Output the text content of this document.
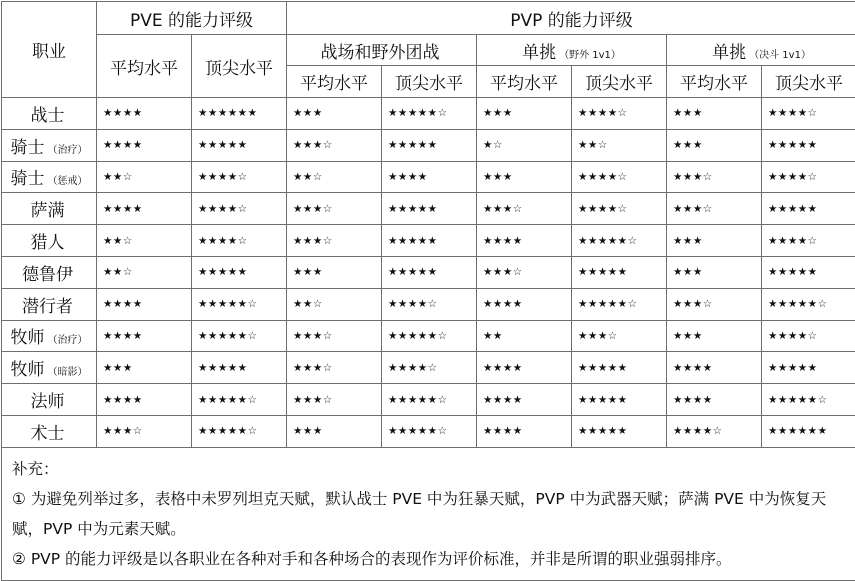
职业	PVE 的能力评级		PVP 的能力评级					
	平均水平	顶尖水平	战场和野外团战		单挑 （野外 1v1）		单挑 （决斗 1v1）	
			平均水平	顶尖水平	平均水平	顶尖水平	平均水平	顶尖水平
战士	★★★★	★★★★★★	★★★	★★★★★☆	★★★	★★★★☆	★★★	★★★★☆
骑士 （治疗）	★★★★	★★★★★	★★★☆	★★★★★	★☆	★★☆	★★★	★★★★★
骑士 （惩戒）	★★☆	★★★★☆	★★☆	★★★★	★★★	★★★★☆	★★★☆	★★★★☆
萨满	★★★★	★★★★☆	★★★☆	★★★★★	★★★☆	★★★★☆	★★★☆	★★★★★
猎人	★★☆	★★★★☆	★★★☆	★★★★★	★★★★	★★★★★☆	★★★	★★★★☆
德鲁伊	★★☆	★★★★★	★★★	★★★★★	★★★☆	★★★★★	★★★	★★★★★
潜行者	★★★★	★★★★★☆	★★☆	★★★★☆	★★★★	★★★★★☆	★★★☆	★★★★★☆
牧师 （治疗）	★★★★	★★★★★☆	★★★☆	★★★★★☆	★★	★★★☆	★★★	★★★★☆
牧师 （暗影）	★★★	★★★★★	★★★☆	★★★★☆	★★★★	★★★★★	★★★★	★★★★★
法师	★★★★	★★★★★☆	★★★☆	★★★★★☆	★★★★	★★★★★	★★★★	★★★★★☆
术士	★★★☆	★★★★★☆	★★★	★★★★★☆	★★★★	★★★★★	★★★★☆	★★★★★★

补充：
① 为避免列举过多，表格中未罗列坦克天赋，默认战士 PVE 中为狂暴天赋，PVP 中为武器天赋；萨满 PVE 中为恢复天赋，PVP 中为元素天赋。
② PVP 的能力评级是以各职业在各种对手和各种场合的表现作为评价标准，并非是所谓的职业强弱排序。								
